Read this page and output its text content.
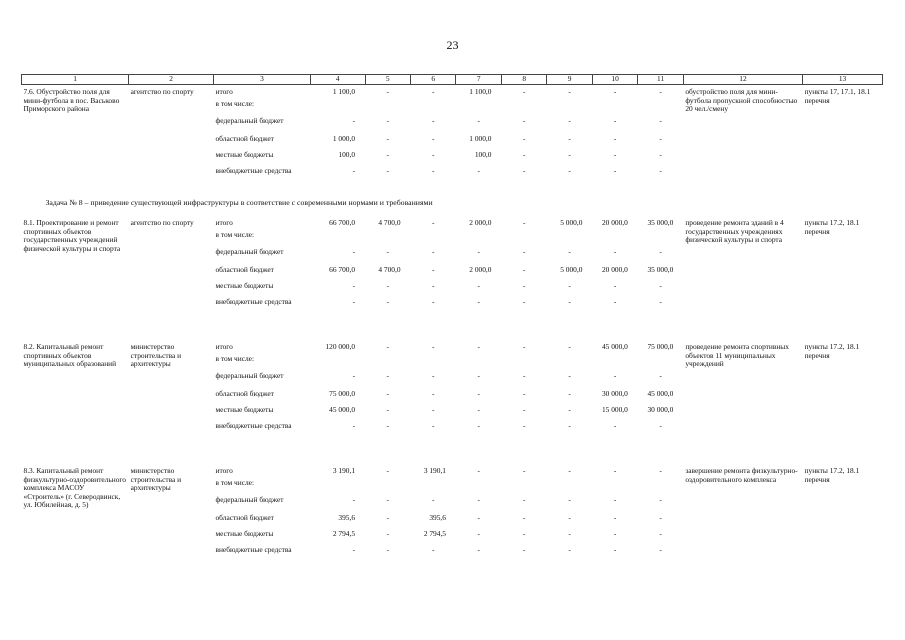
23
1	2	3	4	5	6	7	8	9	10	11	12	13
7.6. Обустройство поля для мини-футбола в пос. Васьково Приморского района	агентство по спорту	итого	1 100,0	-	-	1 100,0	-	-	-	-	обустройство поля для мини-футбола пропускной способностью 20 чел./смену	пункты 17, 17.1, 18.1 перечня
		в том числе:										
		федеральный бюджет	-	-	-	-	-	-	-	-		
		областной бюджет	1 000,0	-	-	1 000,0	-	-	-	-		
		местные бюджеты	100,0	-	-	100,0	-	-	-	-		
		внебюджетные средства	-	-	-	-	-	-	-	-		
Задача № 8 – приведение существующей инфраструктуры в соответствие с современными нормами и требованиями												
8.1. Проектирование и ремонт спортивных объектов государственных учреждений физической культуры и спорта	агентство по спорту	итого	66 700,0	4 700,0	-	2 000,0	-	5 000,0	20 000,0	35 000,0	проведение ремонта зданий в 4 государственных учреждениях физической культуры и спорта	пункты 17.2, 18.1 перечня
		в том числе:										
		федеральный бюджет	-	-	-	-	-	-	-	-		
		областной бюджет	66 700,0	4 700,0	-	2 000,0	-	5 000,0	20 000,0	35 000,0		
		местные бюджеты	-	-	-	-	-	-	-	-		
		внебюджетные средства	-	-	-	-	-	-	-	-		

8.2. Капитальный ремонт спортивных объектов муниципальных образований	министерство строительства и архитектуры	итого	120 000,0	-	-	-	-	-	45 000,0	75 000,0	проведение ремонта спортивных объектов 11 муниципальных учреждений	пункты 17.2, 18.1 перечня
		в том числе:										
		федеральный бюджет	-	-	-	-	-	-	-	-		
		областной бюджет	75 000,0	-	-	-	-	-	30 000,0	45 000,0		
		местные бюджеты	45 000,0	-	-	-	-	-	15 000,0	30 000,0		
		внебюджетные средства	-	-	-	-	-	-	-	-		

8.3. Капитальный ремонт физкультурно-оздоровительного комплекса МАСОУ «Строитель» (г. Северодвинск, ул. Юбилейная, д. 5)	министерство строительства и архитектуры	итого	3 190,1	-	3 190,1	-	-	-	-	-	завершение ремонта физкультурно-оздоровительного комплекса	пункты 17.2, 18.1 перечня
		в том числе:										
		федеральный бюджет	-	-	-	-	-	-	-	-		
		областной бюджет	395,6	-	395,6	-	-	-	-	-		
		местные бюджеты	2 794,5	-	2 794,5	-	-	-	-	-		
		внебюджетные средства	-	-	-	-	-	-	-	-		
